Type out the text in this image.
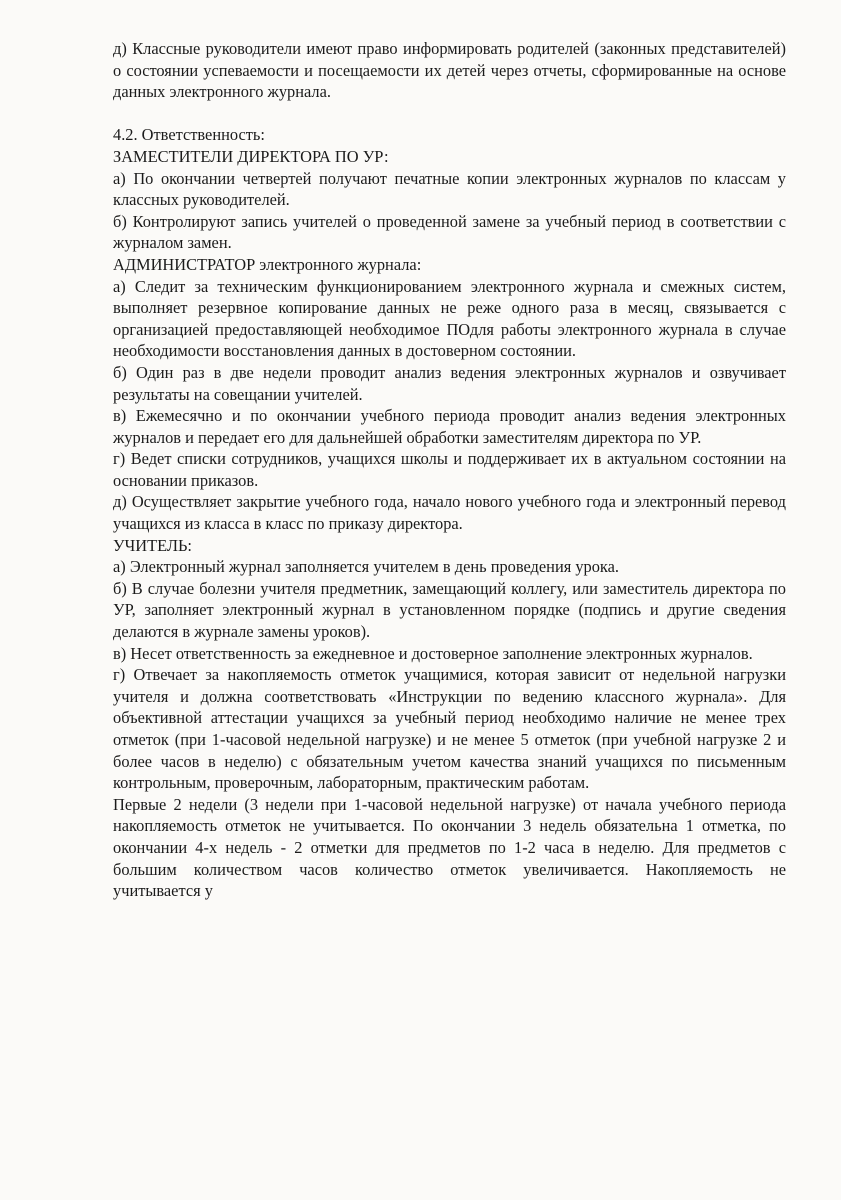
д) Классные руководители имеют право информировать родителей (законных представителей) о состоянии успеваемости и посещаемости их детей через отчеты, сформированные на основе данных электронного журнала.

4.2. Ответственность:

ЗАМЕСТИТЕЛИ ДИРЕКТОРА ПО УР:

а) По окончании четвертей получают печатные копии электронных журналов по классам у классных руководителей.

б) Контролируют запись учителей о проведенной замене за учебный период в соответствии с журналом замен.

АДМИНИСТРАТОР электронного журнала:

а) Следит за техническим функционированием электронного журнала и смежных систем, выполняет резервное копирование данных не реже одного раза в месяц, связывается с организацией предоставляющей необходимое ПОдля работы электронного журнала в случае необходимости восстановления данных в достоверном состоянии.

б) Один раз в две недели проводит анализ ведения электронных журналов и озвучивает результаты на совещании учителей.

в) Ежемесячно и по окончании учебного периода проводит анализ ведения электронных журналов и передает его для дальнейшей обработки заместителям директора по УР.

г) Ведет списки сотрудников, учащихся школы и поддерживает их в актуальном состоянии на основании приказов.

д) Осуществляет закрытие учебного года, начало нового учебного года и электронный перевод учащихся из класса в класс по приказу директора.

УЧИТЕЛЬ:

а) Электронный журнал заполняется учителем в день проведения урока.

б) В случае болезни учителя предметник, замещающий коллегу, или заместитель директора по УР, заполняет электронный журнал в установленном порядке (подпись и другие сведения делаются в журнале замены уроков).

в) Несет ответственность за ежедневное и достоверное заполнение электронных журналов.

г) Отвечает за накопляемость отметок учащимися, которая зависит от недельной нагрузки учителя и должна соответствовать «Инструкции по ведению классного журнала». Для объективной аттестации учащихся за учебный период необходимо наличие не менее трех отметок (при 1-часовой недельной нагрузке) и не менее 5 отметок (при учебной нагрузке 2 и более часов в неделю) с обязательным учетом качества знаний учащихся по письменным контрольным, проверочным, лабораторным, практическим работам.

Первые 2 недели (3 недели при 1-часовой недельной нагрузке) от начала учебного периода накопляемость отметок не учитывается. По окончании 3 недель обязательна 1 отметка, по окончании 4-х недель - 2 отметки для предметов по 1-2 часа в неделю. Для предметов с большим количеством часов количество отметок увеличивается. Накопляемость не учитывается у
